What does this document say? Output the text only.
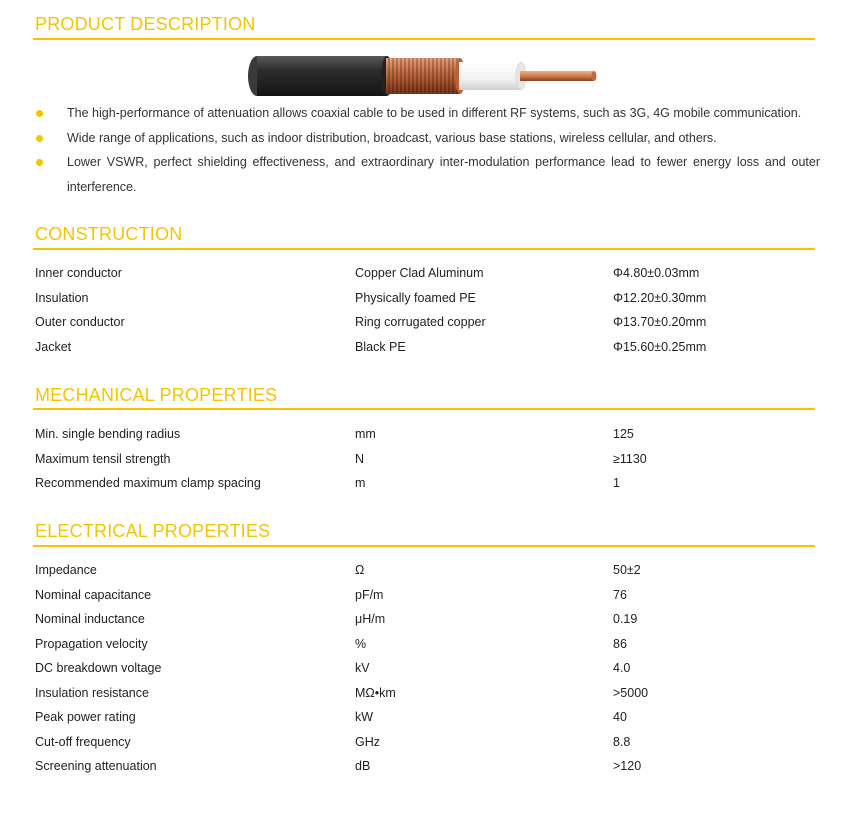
PRODUCT DESCRIPTION
The high-performance of attenuation allows coaxial cable to be used in different RF systems, such as 3G, 4G mobile communication.
Wide range of applications, such as indoor distribution, broadcast, various base stations, wireless cellular, and others.
Lower VSWR, perfect shielding effectiveness, and extraordinary inter-modulation performance lead to fewer energy loss and outer interference.
CONSTRUCTION
Inner conductor	Copper Clad Aluminum	Φ4.80±0.03mm
Insulation	Physically foamed PE	Φ12.20±0.30mm
Outer conductor	Ring corrugated copper	Φ13.70±0.20mm
Jacket	Black PE	Φ15.60±0.25mm
MECHANICAL PROPERTIES
Min. single bending radius	mm	125
Maximum tensil strength	N	≥1130
Recommended maximum clamp spacing	m	1
ELECTRICAL PROPERTIES
Impedance	Ω	50±2
Nominal capacitance	pF/m	76
Nominal inductance	μH/m	0.19
Propagation velocity	%	86
DC breakdown voltage	kV	4.0
Insulation resistance	MΩ•km	>5000
Peak power rating	kW	40
Cut-off frequency	GHz	8.8
Screening attenuation	dB	>120
